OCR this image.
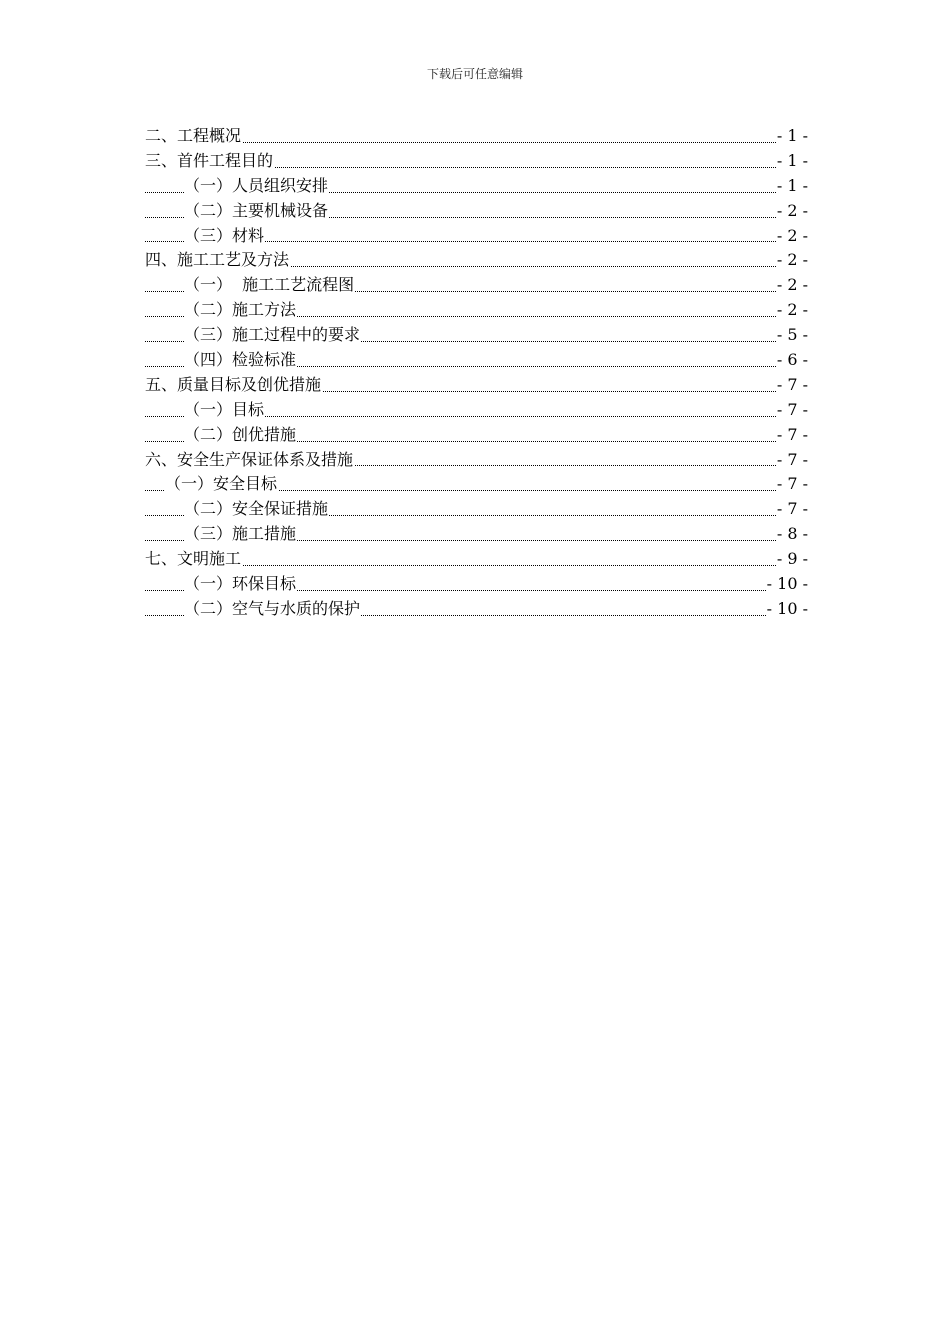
下载后可任意编辑
二、工程概况	- 1 -
三、首件工程目的	- 1 -
（一）人员组织安排	- 1 -
（二）主要机械设备	- 2 -
（三）材料	- 2 -
四、施工工艺及方法	- 2 -
（一）  施工工艺流程图	- 2 -
（二）施工方法	- 2 -
（三）施工过程中的要求	- 5 -
（四）检验标准	- 6 -
五、质量目标及创优措施	- 7 -
（一）目标	- 7 -
（二）创优措施	- 7 -
六、安全生产保证体系及措施	- 7 -
（一）安全目标	- 7 -
（二）安全保证措施	- 7 -
（三）施工措施	- 8 -
七、文明施工	- 9 -
（一）环保目标	- 10 -
（二）空气与水质的保护	- 10 -
